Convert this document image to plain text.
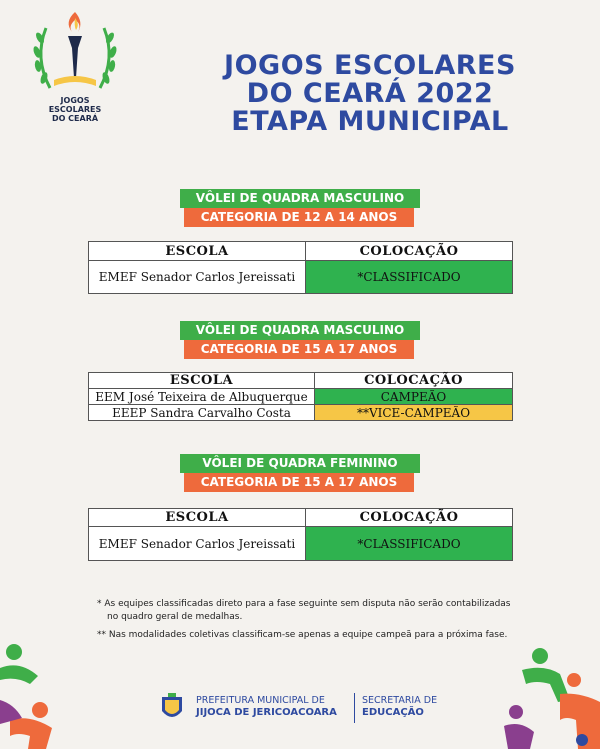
JOGOS
ESCOLARES
DO CEARÁ
JOGOS ESCOLARES
DO CEARÁ 2022
ETAPA MUNICIPAL
VÔLEI DE QUADRA MASCULINO
CATEGORIA DE 12 A 14 ANOS
ESCOLA	COLOCAÇÃO
EMEF Senador Carlos Jereissati	*CLASSIFICADO
VÔLEI DE QUADRA MASCULINO
CATEGORIA DE 15 A 17 ANOS
ESCOLA	COLOCAÇÃO
EEM José Teixeira de Albuquerque	CAMPEÃO
EEEP Sandra Carvalho Costa	**VICE-CAMPEÃO
VÔLEI DE QUADRA FEMININO
CATEGORIA DE 15 A 17 ANOS
ESCOLA	COLOCAÇÃO
EMEF Senador Carlos Jereissati	*CLASSIFICADO
* As equipes classificadas direto para a fase seguinte sem disputa não serão contabilizadas no quadro geral de medalhas.
** Nas modalidades coletivas classificam-se apenas a equipe campeã para a próxima fase.
PREFEITURA MUNICIPAL DE
JIJOCA DE JERICOACOARA
SECRETARIA DE
EDUCAÇÃO
